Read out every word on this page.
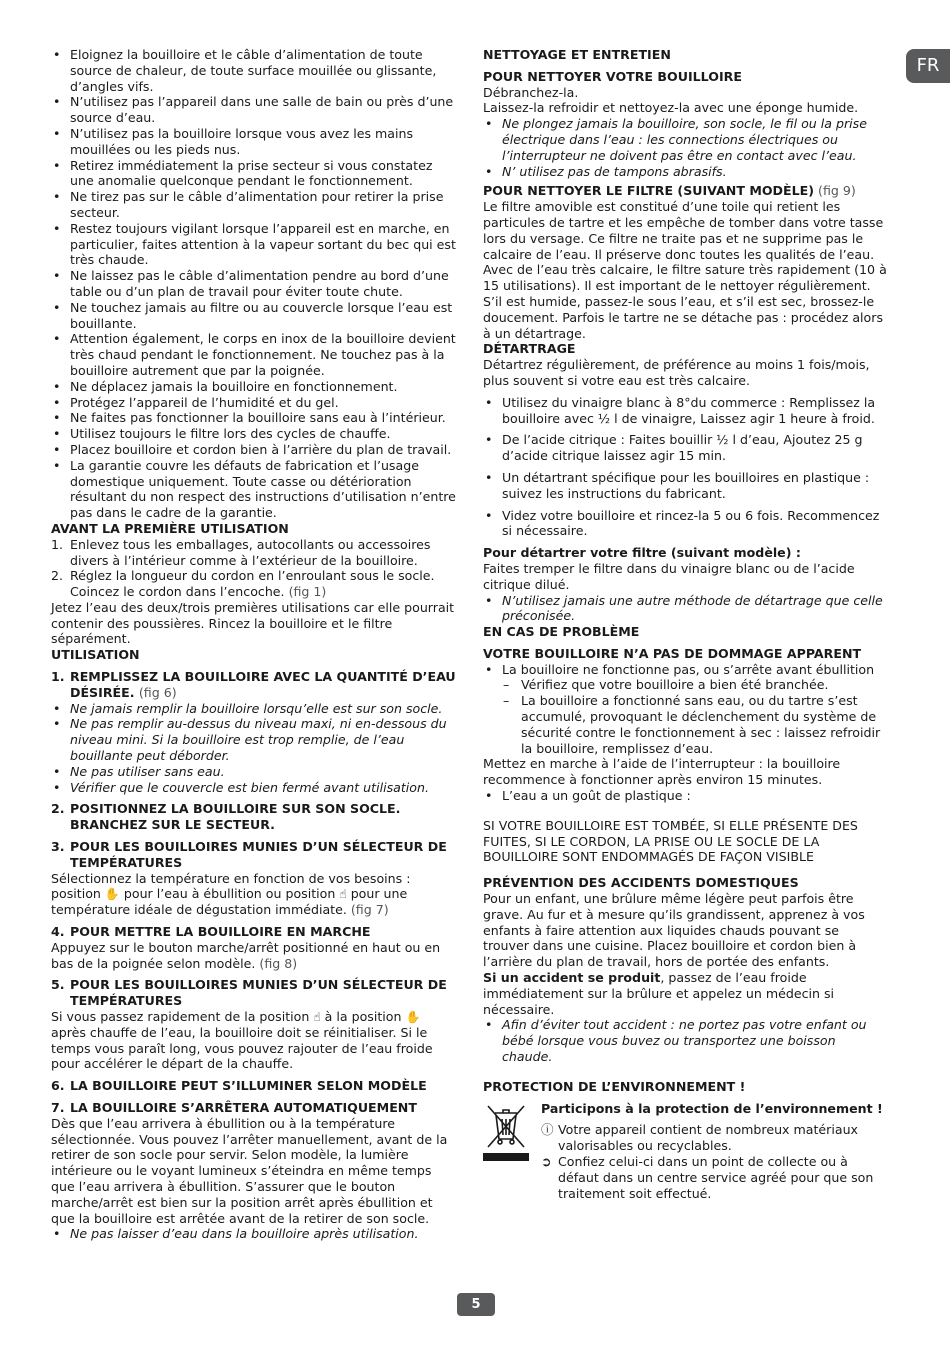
FR
• Eloignez la bouilloire et le câble d’alimentation de toute source de chaleur, de toute surface mouillée ou glissante, d’angles vifs.
• N’utilisez pas l’appareil dans une salle de bain ou près d’une source d’eau.
• N’utilisez pas la bouilloire lorsque vous avez les mains mouillées ou les pieds nus.
• Retirez immédiatement la prise secteur si vous constatez une anomalie quelconque pendant le fonctionnement.
• Ne tirez pas sur le câble d’alimentation pour retirer la prise secteur.
• Restez toujours vigilant lorsque l’appareil est en marche, en particulier, faites attention à la vapeur sortant du bec qui est très chaude.
• Ne laissez pas le câble d’alimentation pendre au bord d’une table ou d’un plan de travail pour éviter toute chute.
• Ne touchez jamais au filtre ou au couvercle lorsque l’eau est bouillante.
• Attention également, le corps en inox de la bouilloire devient très chaud pendant le fonctionnement. Ne touchez pas à la bouilloire autrement que par la poignée.
• Ne déplacez jamais la bouilloire en fonctionnement.
• Protégez l’appareil de l’humidité et du gel.
• Ne faites pas fonctionner la bouilloire sans eau à l’intérieur.
• Utilisez toujours le filtre lors des cycles de chauffe.
• Placez bouilloire et cordon bien à l’arrière du plan de travail.
• La garantie couvre les défauts de fabrication et l’usage domestique uniquement. Toute casse ou détérioration résultant du non respect des instructions d’utilisation n’entre pas dans le cadre de la garantie.

AVANT LA PREMIÈRE UTILISATION

1. Enlevez tous les emballages, autocollants ou accessoires divers à l’intérieur comme à l’extérieur de la bouilloire.
2. Réglez la longueur du cordon en l’enroulant sous le socle. Coincez le cordon dans l’encoche. (fig 1)

Jetez l’eau des deux/trois premières utilisations car elle pourrait contenir des poussières. Rincez la bouilloire et le filtre séparément.

UTILISATION

1. REMPLISSEZ LA BOUILLOIRE AVEC LA QUANTITÉ D’EAU DÉSIRÉE. (fig 6)
• Ne jamais remplir la bouilloire lorsqu’elle est sur son socle.
• Ne pas remplir au-dessus du niveau maxi, ni en-dessous du niveau mini. Si la bouilloire est trop remplie, de l’eau bouillante peut déborder.
• Ne pas utiliser sans eau.
• Vérifier que le couvercle est bien fermé avant utilisation.
2. POSITIONNEZ LA BOUILLOIRE SUR SON SOCLE. BRANCHEZ SUR LE SECTEUR.
3. POUR LES BOUILLOIRES MUNIES D’UN SÉLECTEUR DE TEMPÉRATURES

Sélectionnez la température en fonction de vos besoins :
position ✋ pour l’eau à ébullition ou position ☝ pour une température idéale de dégustation immédiate. (fig 7)

4. POUR METTRE LA BOUILLOIRE EN MARCHE

Appuyez sur le bouton marche/arrêt positionné en haut ou en bas de la poignée selon modèle. (fig 8)

5. POUR LES BOUILLOIRES MUNIES D’UN SÉLECTEUR DE TEMPÉRATURES

Si vous passez rapidement de la position ☝ à la position ✋ après chauffe de l’eau, la bouilloire doit se réinitialiser. Si le temps vous paraît long, vous pouvez rajouter de l’eau froide pour accélérer le départ de la chauffe.

6. LA BOUILLOIRE PEUT S’ILLUMINER SELON MODÈLE
7. LA BOUILLOIRE S’ARRÊTERA AUTOMATIQUEMENT

Dès que l’eau arrivera à ébullition ou à la température sélectionnée. Vous pouvez l’arrêter manuellement, avant de la retirer de son socle pour servir. Selon modèle, la lumière intérieure ou le voyant lumineux s’éteindra en même temps que l’eau arrivera à ébullition. S’assurer que le bouton marche/arrêt est bien sur la position arrêt après ébullition et que la bouilloire est arrêtée avant de la retirer de son socle.

• Ne pas laisser d’eau dans la bouilloire après utilisation.

NETTOYAGE ET ENTRETIEN

POUR NETTOYER VOTRE BOUILLOIRE

Débranchez-la.

Laissez-la refroidir et nettoyez-la avec une éponge humide.

• Ne plongez jamais la bouilloire, son socle, le fil ou la prise électrique dans l’eau : les connections électriques ou l’interrupteur ne doivent pas être en contact avec l’eau.
• N’ utilisez pas de tampons abrasifs.

POUR NETTOYER LE FILTRE (SUIVANT MODÈLE) (fig 9)

Le filtre amovible est constitué d’une toile qui retient les particules de tartre et les empêche de tomber dans votre tasse lors du versage. Ce filtre ne traite pas et ne supprime pas le calcaire de l’eau. Il préserve donc toutes les qualités de l’eau. Avec de l’eau très calcaire, le filtre sature très rapidement (10 à 15 utilisations). Il est important de le nettoyer régulièrement. S’il est humide, passez-le sous l’eau, et s’il est sec, brossez-le doucement. Parfois le tartre ne se détache pas : procédez alors à un détartrage.

DÉTARTRAGE

Détartrez régulièrement, de préférence au moins 1 fois/mois, plus souvent si votre eau est très calcaire.

• Utilisez du vinaigre blanc à 8°du commerce : Remplissez la bouilloire avec ½ l de vinaigre, Laissez agir 1 heure à froid.
• De l’acide citrique : Faites bouillir ½ l d’eau, Ajoutez 25 g d’acide citrique laissez agir 15 min.
• Un détartrant spécifique pour les bouilloires en plastique : suivez les instructions du fabricant.
• Videz votre bouilloire et rincez-la 5 ou 6 fois. Recommencez si nécessaire.

Pour détartrer votre filtre (suivant modèle) :

Faites tremper le filtre dans du vinaigre blanc ou de l’acide citrique dilué.

• N’utilisez jamais une autre méthode de détartrage que celle préconisée.

EN CAS DE PROBLÈME

VOTRE BOUILLOIRE N’A PAS DE DOMMAGE APPARENT

• La bouilloire ne fonctionne pas, ou s’arrête avant ébullition
– Vérifiez que votre bouilloire a bien été branchée.
– La bouilloire a fonctionné sans eau, ou du tartre s’est accumulé, provoquant le déclenchement du système de sécurité contre le fonctionnement à sec : laissez refroidir la bouilloire, remplissez d’eau.

Mettez en marche à l’aide de l’interrupteur : la bouilloire recommence à fonctionner après environ 15 minutes.

• L’eau a un goût de plastique :

SI VOTRE BOUILLOIRE EST TOMBÉE, SI ELLE PRÉSENTE DES FUITES, SI LE CORDON, LA PRISE OU LE SOCLE DE LA BOUILLOIRE SONT ENDOMMAGÉS DE FAÇON VISIBLE

PRÉVENTION DES ACCIDENTS DOMESTIQUES

Pour un enfant, une brûlure même légère peut parfois être grave. Au fur et à mesure qu’ils grandissent, apprenez à vos enfants à faire attention aux liquides chauds pouvant se trouver dans une cuisine. Placez bouilloire et cordon bien à l’arrière du plan de travail, hors de portée des enfants.

Si un accident se produit, passez de l’eau froide immédiatement sur la brûlure et appelez un médecin si nécessaire.

• Afin d’éviter tout accident : ne portez pas votre enfant ou bébé lorsque vous buvez ou transportez une boisson chaude.

PROTECTION DE L’ENVIRONNEMENT !

Participons à la protection de l’environnement !

ⓘ Votre appareil contient de nombreux matériaux valorisables ou recyclables.
➲ Confiez celui-ci dans un point de collecte ou à défaut dans un centre service agréé pour que son traitement soit effectué.
5
